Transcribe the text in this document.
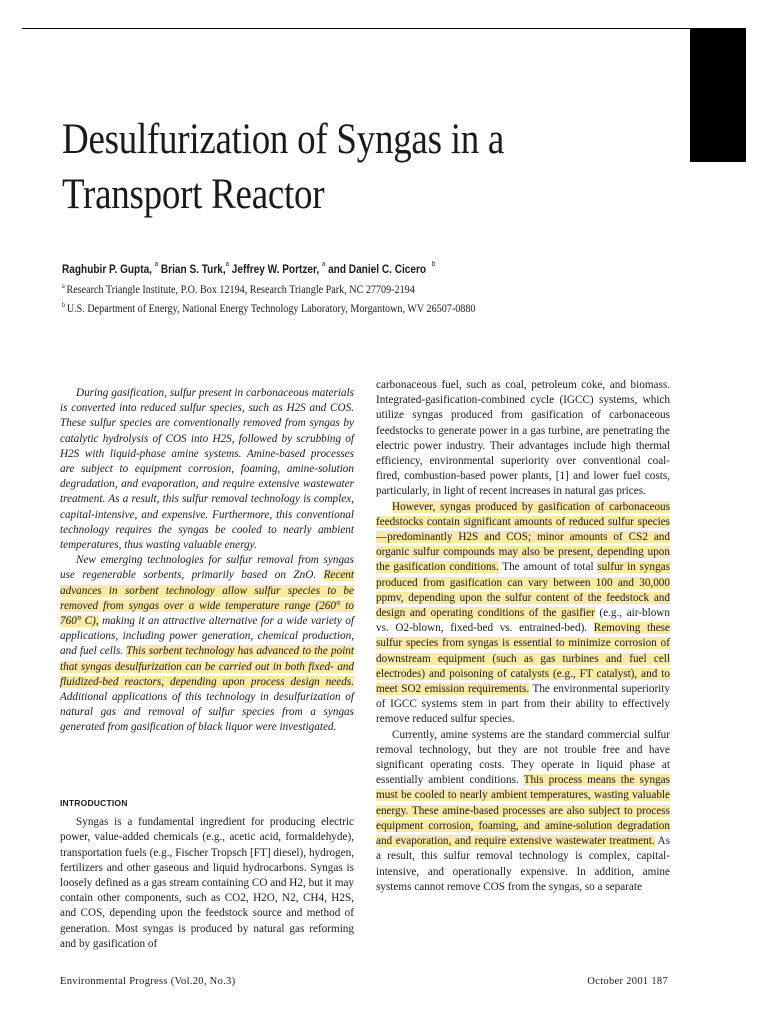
Desulfurization of Syngas in a
Transport Reactor
Raghubir P. Gupta, $^a$ Brian S. Turk,$^a$ Jeffrey W. Portzer, $^a$ and Daniel C. Cicero $^b$
$^a$ Research Triangle Institute, P.O. Box 12194, Research Triangle Park, NC 27709-2194
$^b$ U.S. Department of Energy, National Energy Technology Laboratory, Morgantown, WV 26507-0880

During gasification, sulfur present in carbonaceous materials is converted into reduced sulfur species, such as H2S and COS. These sulfur species are conventionally removed from syngas by catalytic hydrolysis of COS into H2S, followed by scrubbing of H2S with liquid-phase amine systems. Amine-based processes are subject to equipment corrosion, foaming, amine-solution degradation, and evaporation, and require extensive wastewater treatment. As a result, this sulfur removal technology is complex, capital-intensive, and expensive. Furthermore, this conventional technology requires the syngas be cooled to nearly ambient temperatures, thus wasting valuable energy.

New emerging technologies for sulfur removal from syngas use regenerable sorbents, primarily based on ZnO. Recent advances in sorbent technology allow sulfur species to be removed from syngas over a wide temperature range (260° to 760° C), making it an attractive alternative for a wide variety of applications, including power generation, chemical production, and fuel cells. This sorbent technology has advanced to the point that syngas desulfurization can be carried out in both fixed- and fluidized-bed reactors, depending upon process design needs. Additional applications of this technology in desulfurization of natural gas and removal of sulfur species from a syngas generated from gasification of black liquor were investigated.

INTRODUCTION

Syngas is a fundamental ingredient for producing electric power, value-added chemicals (e.g., acetic acid, formaldehyde), transportation fuels (e.g., Fischer Tropsch [FT] diesel), hydrogen, fertilizers and other gaseous and liquid hydrocarbons. Syngas is loosely defined as a gas stream containing CO and H2, but it may contain other components, such as CO2, H2O, N2, CH4, H2S, and COS, depending upon the feedstock source and method of generation. Most syngas is produced by natural gas reforming and by gasification of

carbonaceous fuel, such as coal, petroleum coke, and biomass. Integrated-gasification-combined cycle (IGCC) systems, which utilize syngas produced from gasification of carbonaceous feedstocks to generate power in a gas turbine, are penetrating the electric power industry. Their advantages include high thermal efficiency, environmental superiority over conventional coal-fired, combustion-based power plants, [1] and lower fuel costs, particularly, in light of recent increases in natural gas prices.

However, syngas produced by gasification of carbonaceous feedstocks contain significant amounts of reduced sulfur species—predominantly H2S and COS; minor amounts of CS2 and organic sulfur compounds may also be present, depending upon the gasification conditions. The amount of total sulfur in syngas produced from gasification can vary between 100 and 30,000 ppmv, depending upon the sulfur content of the feedstock and design and operating conditions of the gasifier (e.g., air-blown vs. O2-blown, fixed-bed vs. entrained-bed). Removing these sulfur species from syngas is essential to minimize corrosion of downstream equipment (such as gas turbines and fuel cell electrodes) and poisoning of catalysts (e.g., FT catalyst), and to meet SO2 emission requirements. The environmental superiority of IGCC systems stem in part from their ability to effectively remove reduced sulfur species.

Currently, amine systems are the standard commercial sulfur removal technology, but they are not trouble free and have significant operating costs. They operate in liquid phase at essentially ambient conditions. This process means the syngas must be cooled to nearly ambient temperatures, wasting valuable energy. These amine-based processes are also subject to process equipment corrosion, foaming, and amine-solution degradation and evaporation, and require extensive wastewater treatment. As a result, this sulfur removal technology is complex, capital-intensive, and operationally expensive. In addition, amine systems cannot remove COS from the syngas, so a separate

Environmental Progress (Vol.20, No.3)	October 2001 187
